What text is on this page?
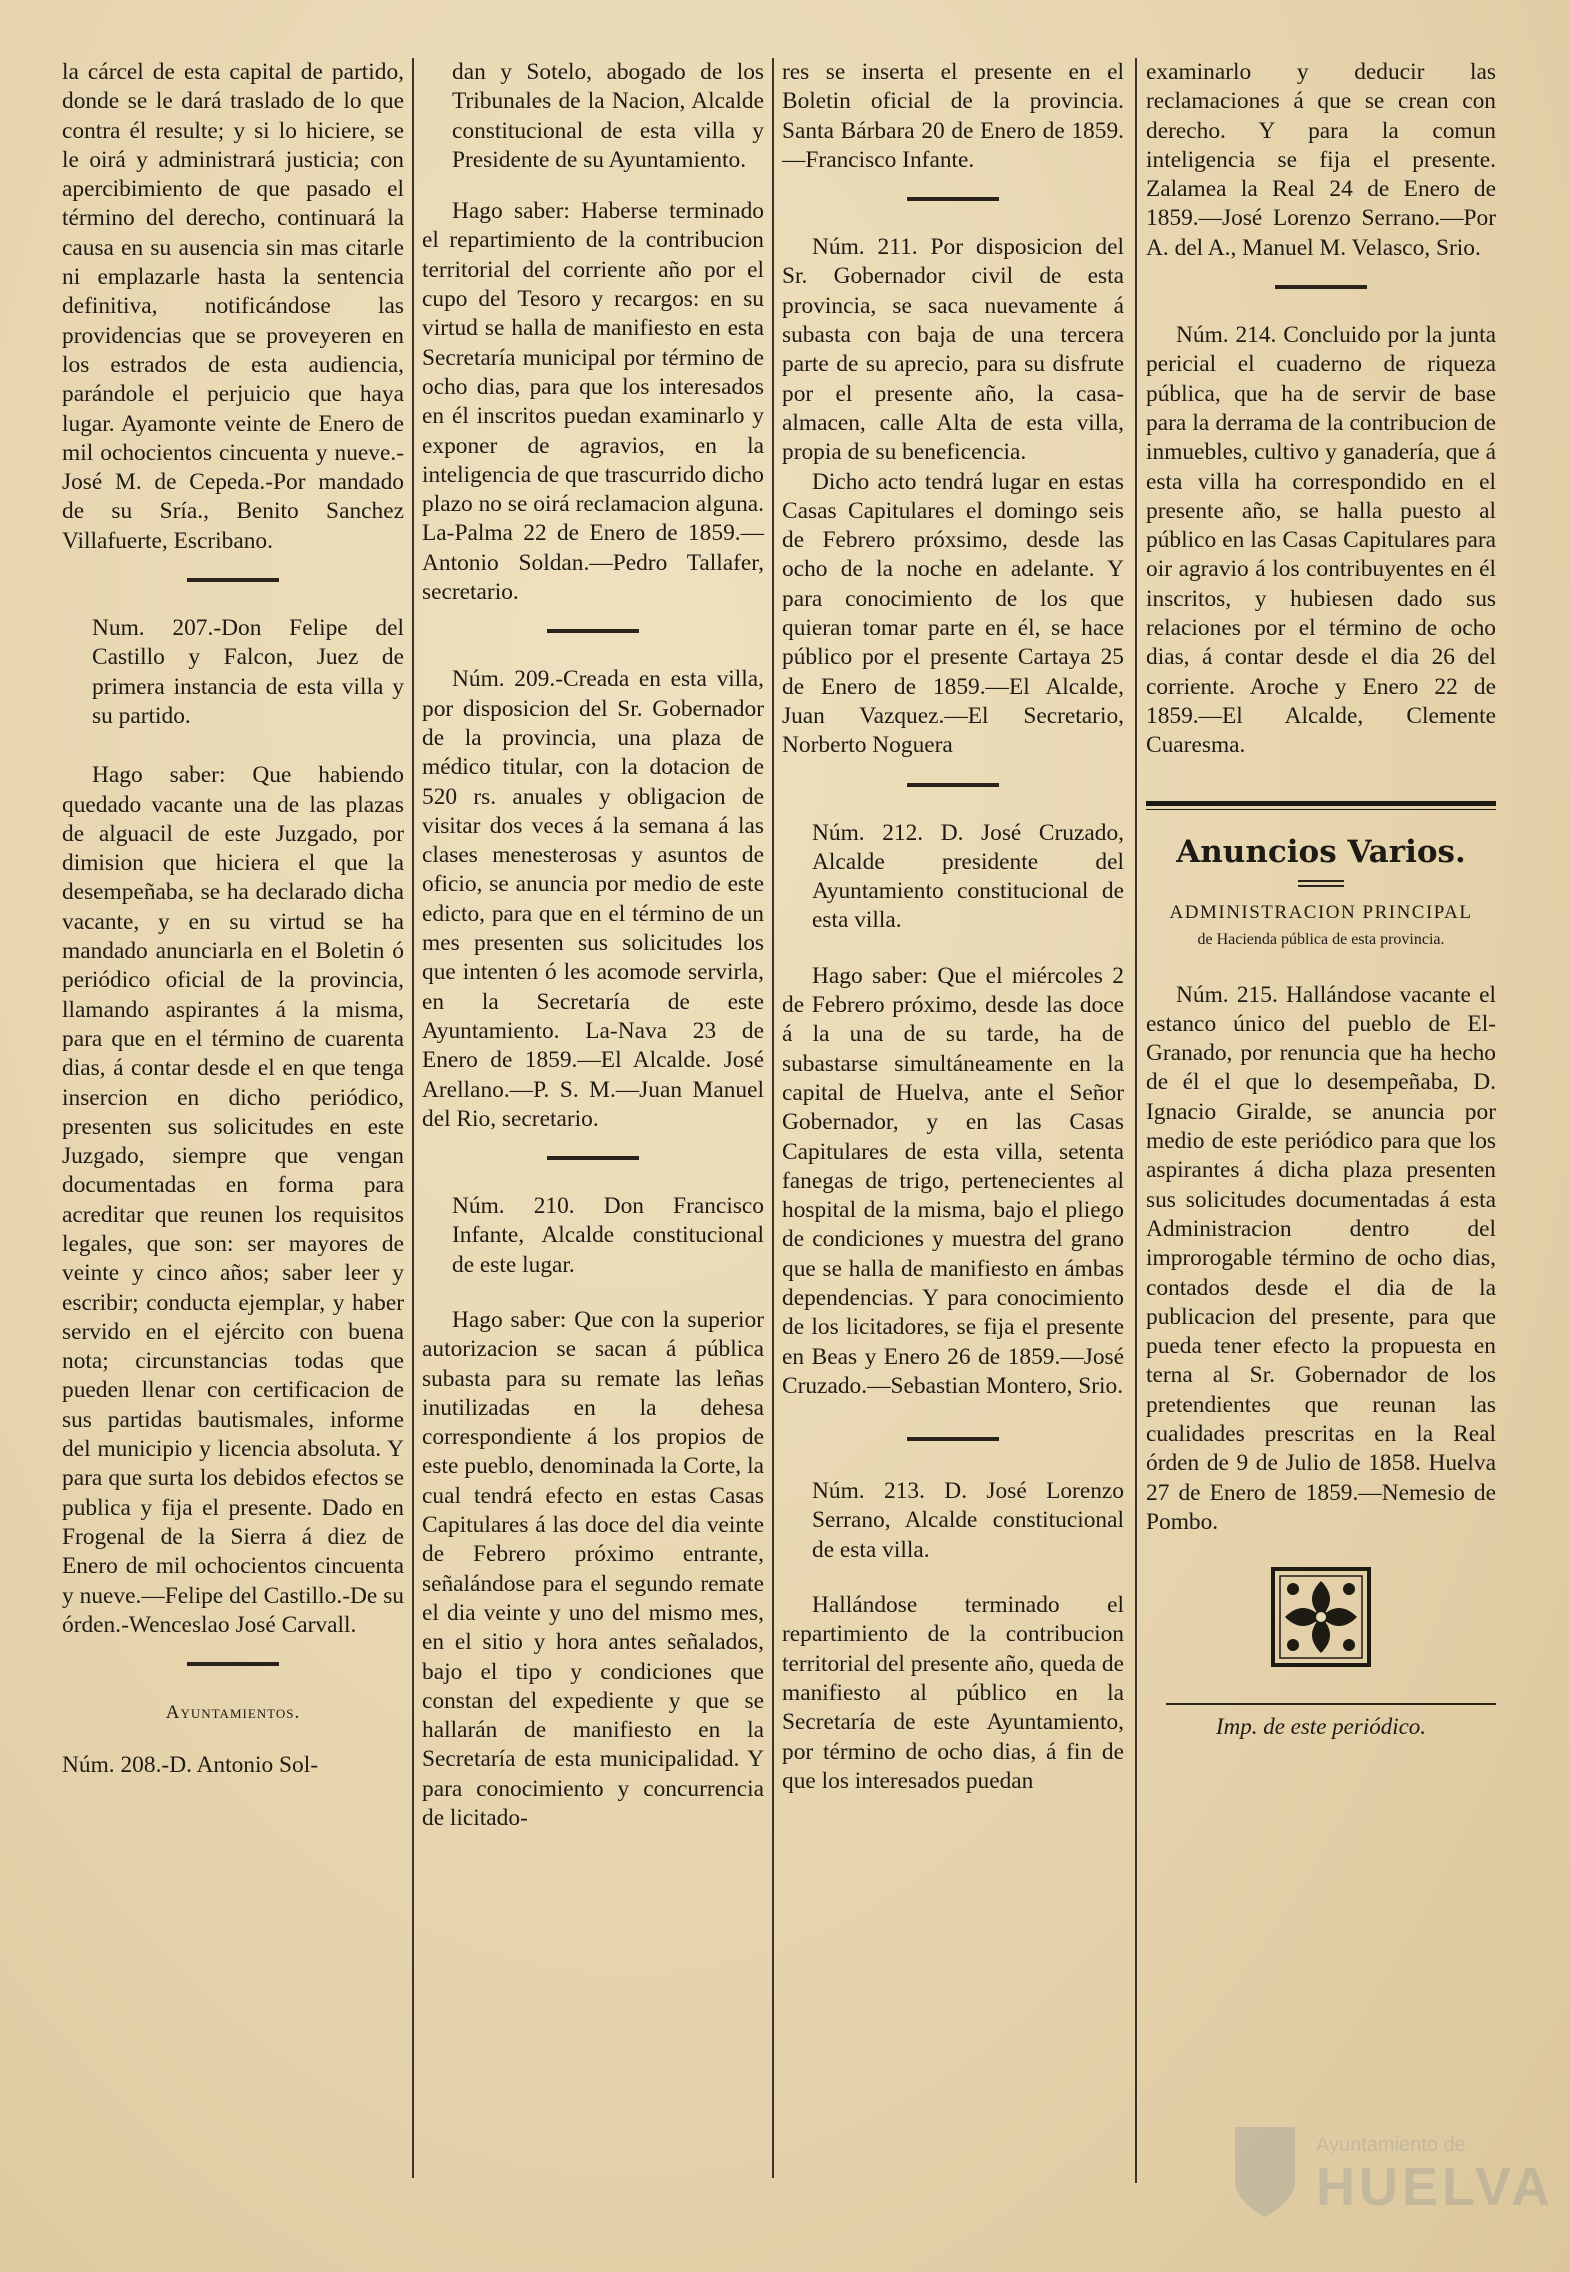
la cárcel de esta capital de partido, donde se le dará traslado de lo que contra él resulte; y si lo hiciere, se le oirá y administrará justicia; con apercibimiento de que pasado el término del derecho, continuará la causa en su ausencia sin mas citarle ni emplazarle hasta la sentencia definitiva, notificándose las providencias que se proveyeren en los estrados de esta audiencia, parándole el perjuicio que haya lugar. Ayamonte veinte de Enero de mil ochocientos cincuenta y nueve.-José M. de Cepeda.-Por mandado de su Sría., Benito Sanchez Villafuerte, Escribano.

Num. 207.-Don Felipe del Castillo y Falcon, Juez de primera instancia de esta villa y su partido.

Hago saber: Que habiendo quedado vacante una de las plazas de alguacil de este Juzgado, por dimision que hiciera el que la desempeñaba, se ha declarado dicha vacante, y en su virtud se ha mandado anunciarla en el Boletin ó periódico oficial de la provincia, llamando aspirantes á la misma, para que en el término de cuarenta dias, á contar desde el en que tenga insercion en dicho periódico, presenten sus solicitudes en este Juzgado, siempre que vengan documentadas en forma para acreditar que reunen los requisitos legales, que son: ser mayores de veinte y cinco años; saber leer y escribir; conducta ejemplar, y haber servido en el ejército con buena nota; circunstancias todas que pueden llenar con certificacion de sus partidas bautismales, informe del municipio y licencia absoluta. Y para que surta los debidos efectos se publica y fija el presente. Dado en Frogenal de la Sierra á diez de Enero de mil ochocientos cincuenta y nueve.—Felipe del Castillo.-De su órden.-Wenceslao José Carvall.

Ayuntamientos.

Núm. 208.-D. Antonio Sol-

dan y Sotelo, abogado de los Tribunales de la Nacion, Alcalde constitucional de esta villa y Presidente de su Ayuntamiento.

Hago saber: Haberse terminado el repartimiento de la contribucion territorial del corriente año por el cupo del Tesoro y recargos: en su virtud se halla de manifiesto en esta Secretaría municipal por término de ocho dias, para que los interesados en él inscritos puedan examinarlo y exponer de agravios, en la inteligencia de que trascurrido dicho plazo no se oirá reclamacion alguna. La-Palma 22 de Enero de 1859.—Antonio Soldan.—Pedro Tallafer, secretario.

Núm. 209.-Creada en esta villa, por disposicion del Sr. Gobernador de la provincia, una plaza de médico titular, con la dotacion de 520 rs. anuales y obligacion de visitar dos veces á la semana á las clases menesterosas y asuntos de oficio, se anuncia por medio de este edicto, para que en el término de un mes presenten sus solicitudes los que intenten ó les acomode servirla, en la Secretaría de este Ayuntamiento. La-Nava 23 de Enero de 1859.—El Alcalde. José Arellano.—P. S. M.—Juan Manuel del Rio, secretario.

Núm. 210. Don Francisco Infante, Alcalde constitucional de este lugar.

Hago saber: Que con la superior autorizacion se sacan á pública subasta para su remate las leñas inutilizadas en la dehesa correspondiente á los propios de este pueblo, denominada la Corte, la cual tendrá efecto en estas Casas Capitulares á las doce del dia veinte de Febrero próximo entrante, señalándose para el segundo remate el dia veinte y uno del mismo mes, en el sitio y hora antes señalados, bajo el tipo y condiciones que constan del expediente y que se hallarán de manifiesto en la Secretaría de esta municipalidad. Y para conocimiento y concurrencia de licitado-

res se inserta el presente en el Boletin oficial de la provincia. Santa Bárbara 20 de Enero de 1859.—Francisco Infante.

Núm. 211. Por disposicion del Sr. Gobernador civil de esta provincia, se saca nuevamente á subasta con baja de una tercera parte de su aprecio, para su disfrute por el presente año, la casa-almacen, calle Alta de esta villa, propia de su beneficencia.

Dicho acto tendrá lugar en estas Casas Capitulares el domingo seis de Febrero próxsimo, desde las ocho de la noche en adelante. Y para conocimiento de los que quieran tomar parte en él, se hace público por el presente Cartaya 25 de Enero de 1859.—El Alcalde, Juan Vazquez.—El Secretario, Norberto Noguera

Núm. 212. D. José Cruzado, Alcalde presidente del Ayuntamiento constitucional de esta villa.

Hago saber: Que el miércoles 2 de Febrero próximo, desde las doce á la una de su tarde, ha de subastarse simultáneamente en la capital de Huelva, ante el Señor Gobernador, y en las Casas Capitulares de esta villa, setenta fanegas de trigo, pertenecientes al hospital de la misma, bajo el pliego de condiciones y muestra del grano que se halla de manifiesto en ámbas dependencias. Y para conocimiento de los licitadores, se fija el presente en Beas y Enero 26 de 1859.—José Cruzado.—Sebastian Montero, Srio.

Núm. 213. D. José Lorenzo Serrano, Alcalde constitucional de esta villa.

Hallándose terminado el repartimiento de la contribucion territorial del presente año, queda de manifiesto al público en la Secretaría de este Ayuntamiento, por término de ocho dias, á fin de que los interesados puedan

examinarlo y deducir las reclamaciones á que se crean con derecho. Y para la comun inteligencia se fija el presente. Zalamea la Real 24 de Enero de 1859.—José Lorenzo Serrano.—Por A. del A., Manuel M. Velasco, Srio.

Núm. 214. Concluido por la junta pericial el cuaderno de riqueza pública, que ha de servir de base para la derrama de la contribucion de inmuebles, cultivo y ganadería, que á esta villa ha correspondido en el presente año, se halla puesto al público en las Casas Capitulares para oir agravio á los contribuyentes en él inscritos, y hubiesen dado sus relaciones por el término de ocho dias, á contar desde el dia 26 del corriente. Aroche y Enero 22 de 1859.—El Alcalde, Clemente Cuaresma.

Anuncios Varios.
ADMINISTRACION PRINCIPAL
de Hacienda pública de esta provincia.

Núm. 215. Hallándose vacante el estanco único del pueblo de El-Granado, por renuncia que ha hecho de él el que lo desempeñaba, D. Ignacio Giralde, se anuncia por medio de este periódico para que los aspirantes á dicha plaza presenten sus solicitudes documentadas á esta Administracion dentro del improrogable término de ocho dias, contados desde el dia de la publicacion del presente, para que pueda tener efecto la propuesta en terna al Sr. Gobernador de los pretendientes que reunan las cualidades prescritas en la Real órden de 9 de Julio de 1858. Huelva 27 de Enero de 1859.—Nemesio de Pombo.

Imp. de este periódico.
Ayuntamiento de
HUELVA
